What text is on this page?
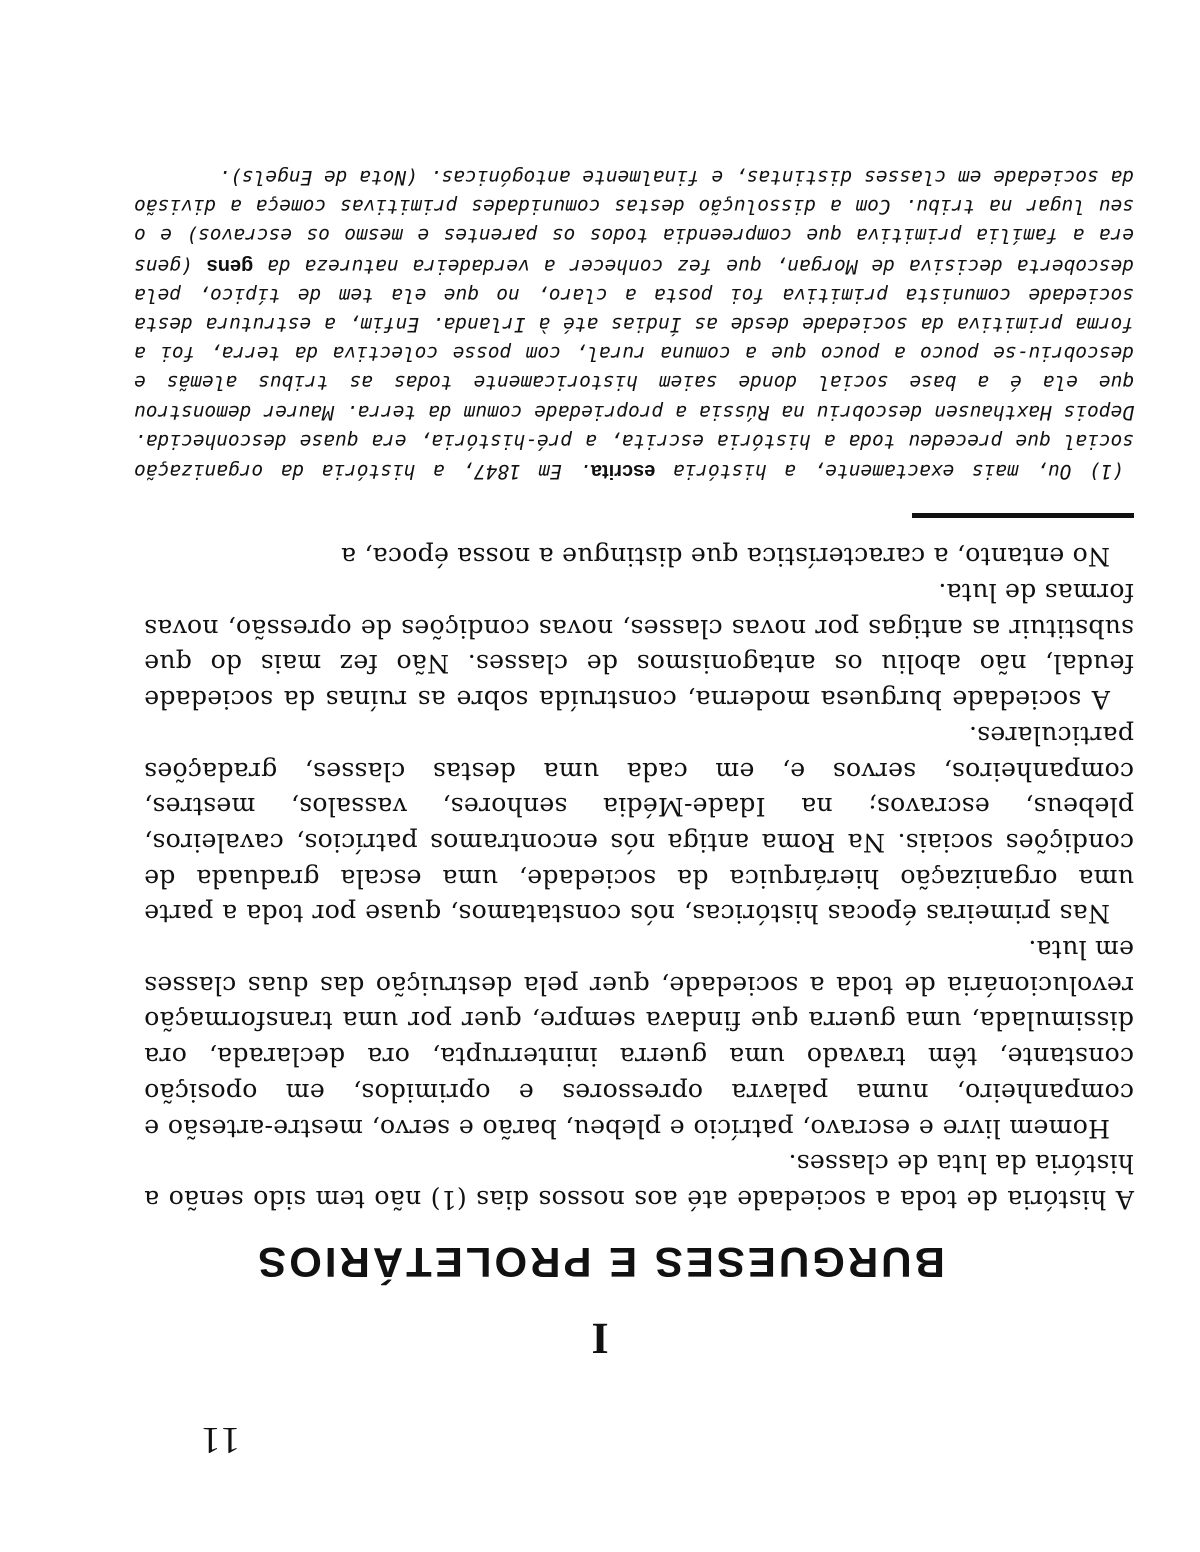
11
I
BURGUESES E PROLETÁRIOS

A história de toda a sociedade até aos nossos dias (1) não tem sido senão a história da luta de classes.

Homem livre e escravo, patrício e plebeu, barão e servo, mestre-artesão e companheiro, numa palavra opressores e oprimidos, em oposição constante, têm travado uma guerra ininterrupta, ora declarada, ora dissimulada, uma guerra que findava sempre, quer por uma transformação revolucionária de toda a sociedade, quer pela destruição das duas classes em luta.

Nas primeiras épocas históricas, nós constatamos, quase por toda a parte uma organização hierárquica da sociedade, uma escala graduada de condições sociais. Na Roma antiga nós encontramos patrícios, cavaleiros, plebeus, escravos; na Idade-Média senhores, vassalos, mestres, companheiros, servos e, em cada uma destas classes, gradações particulares.

A sociedade burguesa moderna, construída sobre as ruínas da sociedade feudal, não aboliu os antagonismos de classes. Não fez mais do que substituir as antigas por novas classes, novas condições de opressão, novas formas de luta.

No entanto, a característica que distingue a nossa época, a

(1) Ou, mais exactamente, a história escrita. Em 1847, a história da organização social que precedeu toda a história escrita, a pré-história, era quase desconhecida. Depois Haxthausen descobriu na Rússia a propriedade comum da terra. Maurer demonstrou que ela é a base social donde saiem historicamente todas as tribus alemãs e descobriu-se pouco a pouco que a comuna rural, com posse colectiva da terra, foi a forma primitiva da sociedade desde as Índias até à Irlanda. Enfim, a estrutura desta sociedade comunista primitiva foi posta a claro, no que ela tem de típico, pela descoberta decisiva de Morgan, que fez conhecer a verdadeira natureza da gens (gens era a família primitiva que compreendia todos os parentes e mesmo os escravos) e o seu lugar na tribu. Com a dissolução destas comunidades primitivas começa a divisão da sociedade em classes distintas, e finalmente antogónicas. (Nota de Engels).
